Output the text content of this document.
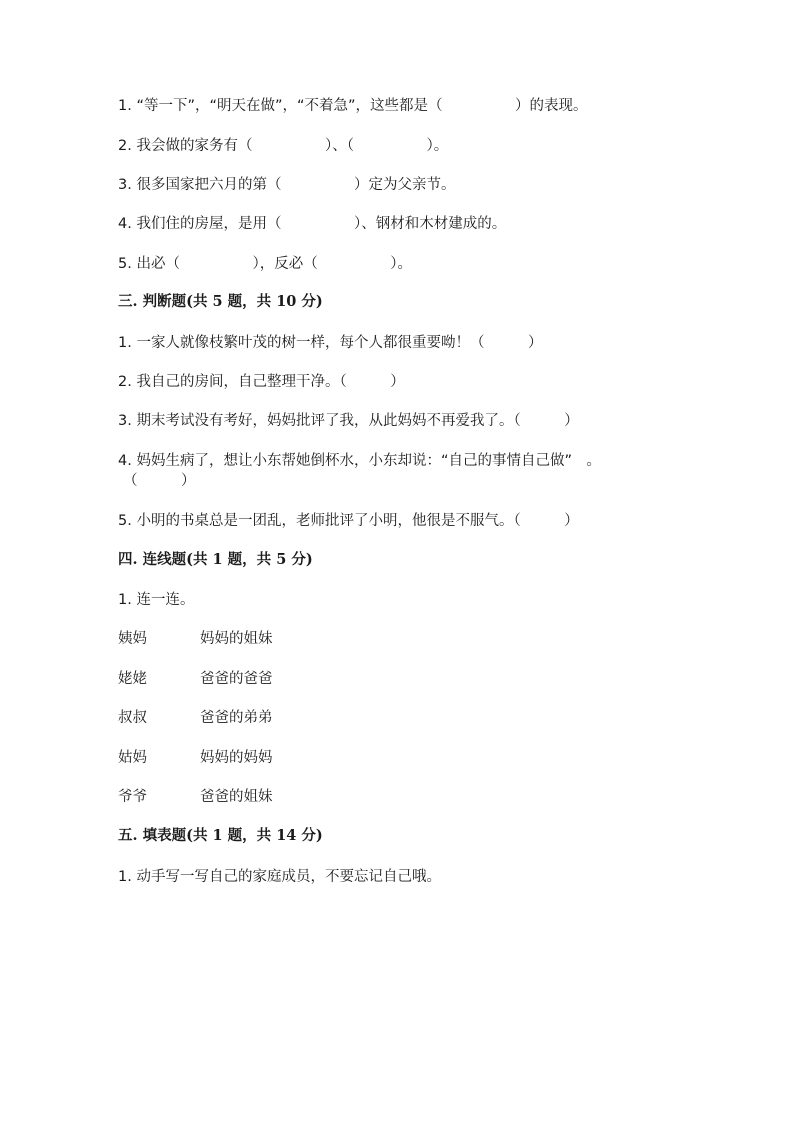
1. “等一下”，“明天在做”，“不着急”，这些都是（　　　　　）的表现。
2. 我会做的家务有（　　　　　）、（　　　　　）。
3. 很多国家把六月的第（　　　　　）定为父亲节。
4. 我们住的房屋，是用（　　　　　）、钢材和木材建成的。
5. 出必（　　　　　），反必（　　　　　）。
三. 判断题(共 5 题，共 10 分)
1. 一家人就像枝繁叶茂的树一样，每个人都很重要呦！（　　　）
2. 我自己的房间，自己整理干净。（　　　）
3. 期末考试没有考好，妈妈批评了我，从此妈妈不再爱我了。（　　　）
4. 妈妈生病了，想让小东帮她倒杯水，小东却说：“自己的事情自己做”　。
（　　　）
5. 小明的书桌总是一团乱，老师批评了小明，他很是不服气。（　　　）
四. 连线题(共 1 题，共 5 分)
1. 连一连。
姨妈	妈妈的姐妹
姥姥	爸爸的爸爸
叔叔	爸爸的弟弟
姑妈	妈妈的妈妈
爷爷	爸爸的姐妹
五. 填表题(共 1 题，共 14 分)
1. 动手写一写自己的家庭成员，不要忘记自己哦。
